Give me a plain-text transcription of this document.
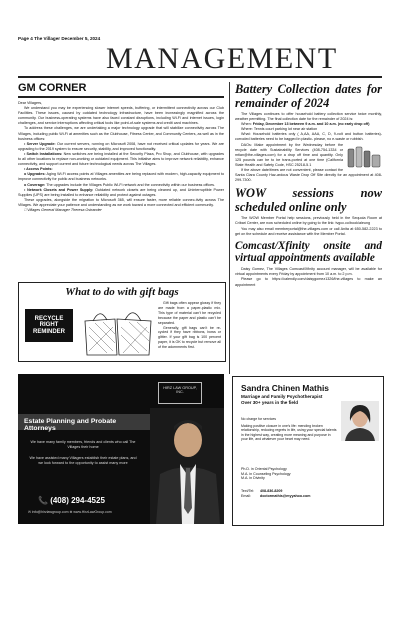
Page 4 The Villager December 5, 2024
MANAGEMENT
GM CORNER

Dear Villagers,

We understand you may be experiencing slower internet speeds, buffering, or intermittent connectivity across our Club Facilities. These issues, caused by outdated technology infrastructure, have been increasingly magnified across the community. Our business-operating systems have also faced constant disruptions, including Wi-Fi and internet issues, login challenges, and service interruptions affecting critical tools like point-of-sale systems and credit card machines.

To address these challenges, we are undertaking a major technology upgrade that will stabilize connectivity across The Villages, including public Wi-Fi at amenities such as the Clubhouse, Fitness Center, and Community Centers, as well as in the business offices:

• Server Upgrade: Our current servers, running on Microsoft 2008, have not received critical updates for years. We are upgrading to the 2019 system to ensure security, stability, and improved functionality.

• Switch Installations: New switches are being installed at the Security Plaza, Pro Shop, and Clubhouse, with upgrades to all other locations to replace non-working or outdated equipment. This initiative aims to improve network reliability, enhance connectivity, and support current and future technological needs across The Villages.

• Access Points:

o Upgrades: Aging Wi-Fi access points at Villages amenities are being replaced with modern, high-capacity equipment to improve connectivity for public and business networks.

o Coverage: The upgrades include the Villages Public Wi-Fi network and the connectivity within our business offices.

• Network Closets and Power Supply: Outdated network closets are being cleaned up, and Uninterruptible Power Supplies (UPS) are being installed to enhance reliability and protect against outages.

These upgrades, alongside the migration to Microsoft 365, will ensure faster, more reliable connec-tivity across The Villages. We appreciate your patience and understanding as we work toward a more connected and efficient community.

⎕ Villages General Manager Theresa Ostrander

What to do with gift bags
RECYCLE RIGHT REMINDER

Gift bags often appear glossy if they are made from a paper-plastic mix. This type of material can't be recycled because the paper and plastic can't be separated.

Generally, gift bags can't be re-cycled if they have ribbons, bows or glitter. If your gift bag is 100 percent paper, it is OK to recycle but remove all of the adornments first.

Battery Collection dates for remainder of 2024

The Villages continues to offer household battery collection service twice monthly, weather permitting. The final collection date for the remainder of 2024 is:

When: Friday, December 13 between 9 a.m. and 10 a.m. (no early drop off)

Where: Tennis court parking lot near air station

What: Household batteries only ( A,AA, AAA, C, D, 9-volt and button batteries)- corroded batteries need to be bagged in plastic- please, no e-waste or rubbish.

DAOs: Make appointment by the Wednesday before the recycle date with Sustainability Services (408-754-1334 or mtian@the-villages.com) for a drop off time and quantity. Only 125 pounds can be to be trans-ported at one time (California State Health and Safety Code, HSC 25218-5.1

If the above date/times are not convenient, please contact the Santa Clara County Haz-ardous Waste Drop Off Site directly for an appointment at 408-299-7300.

WOW sessions now scheduled online only

The WOW Member Portal help sessions, previously held in the Sequoia Room at Cribari Center, are now scheduled online by going to the link: tvgcc.co/book/aleung

You may also email memberportal@the-villages.com or call Anita at 650-582-2223 to get on the schedule and receive assistance with the Member Portal.

Comcast/Xfinity onsite and virtual appointments available

Daisy Gomez, The Villages Comcast/Xfinity account manager, will be available for virtual appointments every Friday by appointment from 10 a.m. to 2 p.m.

Please go to https://calendly.com/daisygomez1326/the-villages to make an appointment

HIRZ LAW GROUP, INC.
Estate Planning and Probate Attorneys
We have many family members, friends and clients who call The Villages their home
We have assisted many Villagers establish their estate plans, and we look forward to the opportunity to assist many more
📞 (408) 294-4525
✉ info@hirzlawgroup.com ⊕ www.HirzLawGroup.com
Sandra Chinen Mathis
Marriage and Family Psychotherapist
Over 30+ years in the field

No charge for services

Making positive closure in one's life: mending broken relationship, reducing regrets in life, using your special talents in the highest way, creating more meaning and purpose in your life, and whatever your heart may need.

Ph.D. in Oriental Psychology
M.A. in Counseling Psychology
M.A. in Divinity
Text/Tel: 408-836-8209
Email:	doctormathis@myyahoo.com
